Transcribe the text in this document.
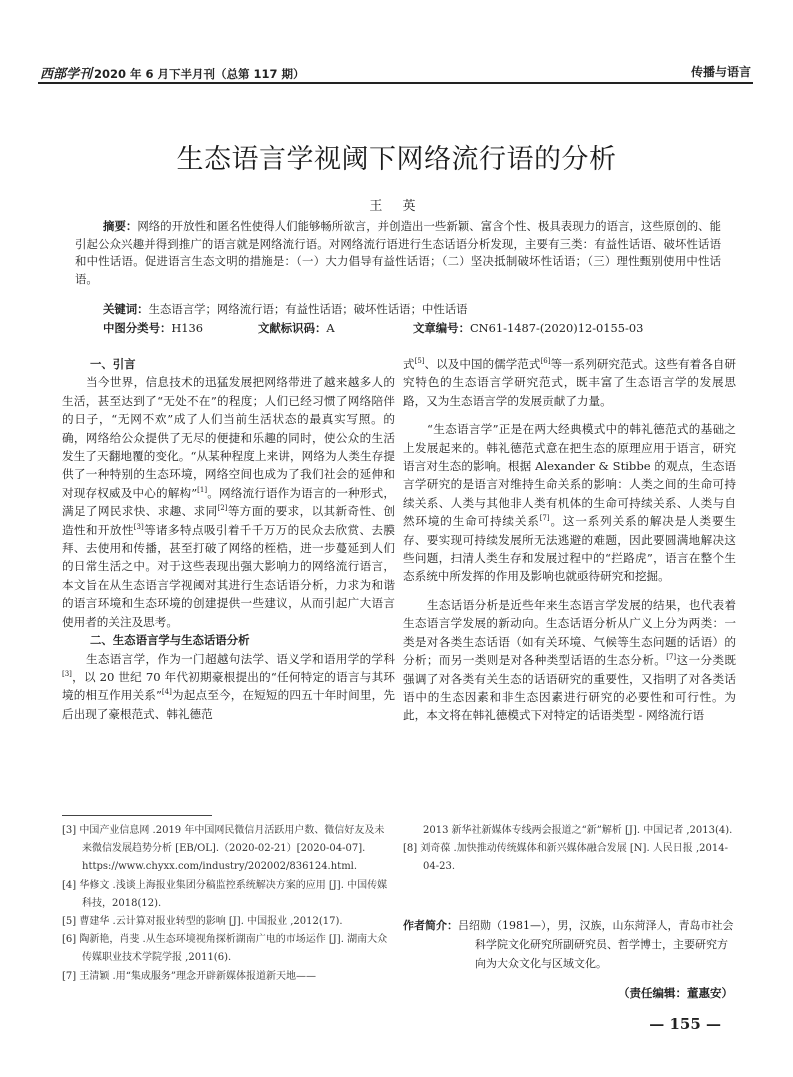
西部学刊 2020 年 6 月下半月刊（总第 117 期）	传播与语言
生态语言学视阈下网络流行语的分析
王 英
摘要：网络的开放性和匿名性使得人们能够畅所欲言，并创造出一些新颖、富含个性、极具表现力的语言，这些原创的、能引起公众兴趣并得到推广的语言就是网络流行语。对网络流行语进行生态话语分析发现，主要有三类：有益性话语、破坏性话语和中性话语。促进语言生态文明的措施是：（一）大力倡导有益性话语；（二）坚决抵制破坏性话语；（三）理性甄别使用中性话语。
关键词：生态语言学；网络流行语；有益性话语；破坏性话语；中性话语
中图分类号：H136	文献标识码：A	文章编号：CN61-1487-(2020)12-0155-03

一、引言

当今世界，信息技术的迅猛发展把网络带进了越来越多人的生活，甚至达到了“无处不在”的程度；人们已经习惯了网络陪伴的日子，“无网不欢”成了人们当前生活状态的最真实写照。的确，网络给公众提供了无尽的便捷和乐趣的同时，使公众的生活发生了天翻地覆的变化。“从某种程度上来讲，网络为人类生存提供了一种特别的生态环境，网络空间也成为了我们社会的延伸和对现存权威及中心的解构”[1]。网络流行语作为语言的一种形式，满足了网民求快、求趣、求同[2]等方面的要求，以其新奇性、创造性和开放性[3]等诸多特点吸引着千千万万的民众去欣赏、去膜拜、去使用和传播，甚至打破了网络的桎梏，进一步蔓延到人们的日常生活之中。对于这些表现出强大影响力的网络流行语言，本文旨在从生态语言学视阈对其进行生态话语分析，力求为和谐的语言环境和生态环境的创建提供一些建议，从而引起广大语言使用者的关注及思考。

二、生态语言学与生态话语分析

生态语言学，作为一门超越句法学、语义学和语用学的学科[3]，以 20 世纪 70 年代初期豪根提出的“任何特定的语言与其环境的相互作用关系”[4]为起点至今，在短短的四五十年时间里，先后出现了豪根范式、韩礼德范

式[5]、以及中国的儒学范式[6]等一系列研究范式。这些有着各自研究特色的生态语言学研究范式，既丰富了生态语言学的发展思路，又为生态语言学的发展贡献了力量。

“生态语言学”正是在两大经典模式中的韩礼德范式的基础之上发展起来的。韩礼德范式意在把生态的原理应用于语言，研究语言对生态的影响。根据 Alexander & Stibbe 的观点，生态语言学研究的是语言对维持生命关系的影响：人类之间的生命可持续关系、人类与其他非人类有机体的生命可持续关系、人类与自然环境的生命可持续关系[7]。这一系列关系的解决是人类要生存、要实现可持续发展所无法逃避的难题，因此要圆满地解决这些问题，扫清人类生存和发展过程中的“拦路虎”，语言在整个生态系统中所发挥的作用及影响也就亟待研究和挖掘。

生态话语分析是近些年来生态语言学发展的结果，也代表着生态语言学发展的新动向。生态话语分析从广义上分为两类：一类是对各类生态话语（如有关环境、气候等生态问题的话语）的分析；而另一类则是对各种类型话语的生态分析。[7]这一分类既强调了对各类有关生态的话语研究的重要性，又指明了对各类话语中的生态因素和非生态因素进行研究的必要性和可行性。为此，本文将在韩礼德模式下对特定的话语类型 - 网络流行语

[3] 中国产业信息网 .2019 年中国网民微信月活跃用户数、微信好友及未来微信发展趋势分析 [EB/OL].（2020-02-21）[2020-04-07].

https://www.chyxx.com/industry/202002/836124.html.

[4] 华修文 .浅谈上海报业集团分稿监控系统解决方案的应用 [J]. 中国传媒科技，2018(12).

[5] 曹建华 .云计算对报业转型的影响 [J]. 中国报业 ,2012(17).

[6] 陶新艳，肖斐 .从生态环境视角探析湖南广电的市场运作 [J]. 湖南大众传媒职业技术学院学报 ,2011(6).

[7] 王清颖 .用“集成服务”理念开辟新媒体报道新天地——

2013 新华社新媒体专线两会报道之“新”解析 [J]. 中国记者 ,2013(4).

[8] 刘奇葆 .加快推动传统媒体和新兴媒体融合发展 [N]. 人民日报 ,2014-04-23.

作者简介：吕绍勋（1981—），男，汉族，山东菏泽人，青岛市社会科学院文化研究所副研究员、哲学博士，主要研究方向为大众文化与区域文化。

（责任编辑：董惠安）
— 155 —
